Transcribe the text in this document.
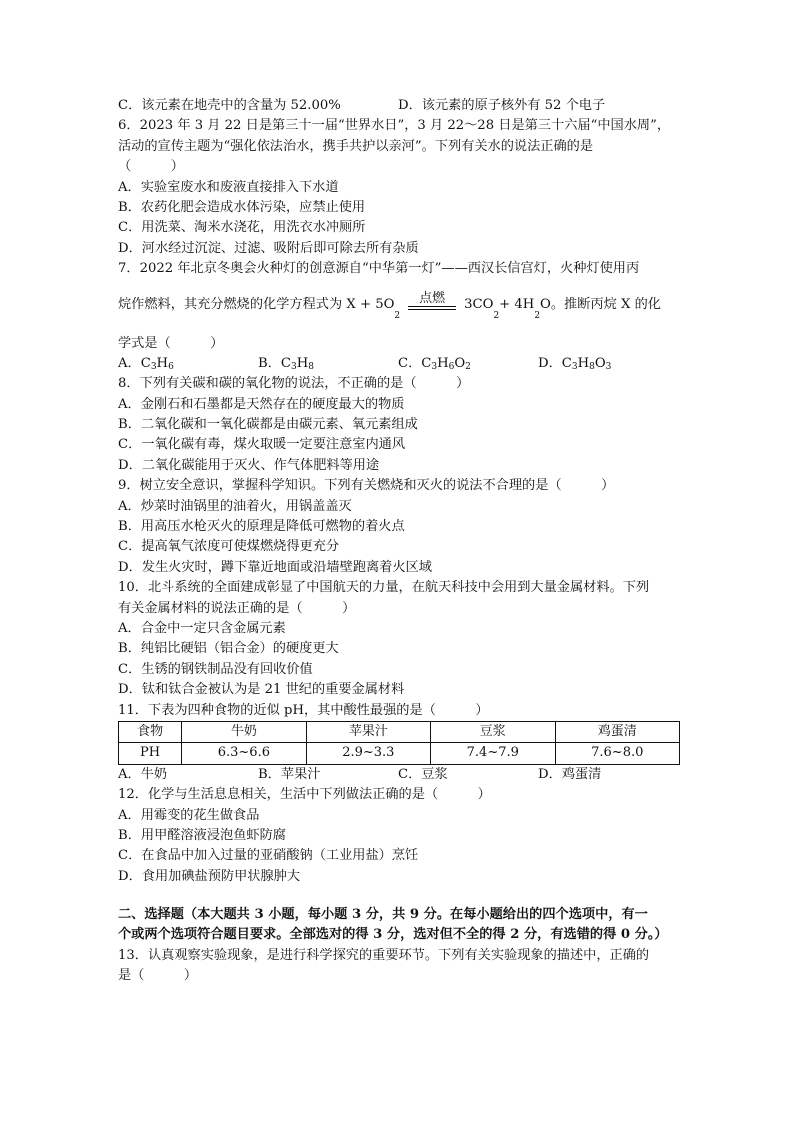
C．该元素在地壳中的含量为 52.00%	D．该元素的原子核外有 52 个电子
6．2023 年 3 月 22 日是第三十一届“世界水日”，3 月 22～28 日是第三十六届“中国水周”，
活动的宣传主题为“强化依法治水，携手共护以亲河”。下列有关水的说法正确的是
（　　　）
A．实验室废水和废液直接排入下水道
B．农药化肥会造成水体污染，应禁止使用
C．用洗菜、淘米水浇花，用洗衣水冲厕所
D．河水经过沉淀、过滤、吸附后即可除去所有杂质
7．2022 年北京冬奥会火种灯的创意源自“中华第一灯”——西汉长信宫灯，火种灯使用丙
烷作燃料，其充分燃烧的化学方程式为 X + 5O
2
点燃 3CO
2
+ 4H
2
O。推断丙烷 X 的化
学式是（　　　）
A．$C_3H_6$	B．$C_3H_8$	C．$C_3H_6O_2$	D．$C_3H_8O_3$
8．下列有关碳和碳的氧化物的说法，不正确的是（　　　）
A．金刚石和石墨都是天然存在的硬度最大的物质
B．二氧化碳和一氧化碳都是由碳元素、氧元素组成
C．一氧化碳有毒，煤火取暖一定要注意室内通风
D．二氧化碳能用于灭火、作气体肥料等用途
9．树立安全意识，掌握科学知识。下列有关燃烧和灭火的说法不合理的是（　　　）
A．炒菜时油锅里的油着火，用锅盖盖灭
B．用高压水枪灭火的原理是降低可燃物的着火点
C．提高氧气浓度可使煤燃烧得更充分
D．发生火灾时，蹲下靠近地面或沿墙壁跑离着火区域
10．北斗系统的全面建成彰显了中国航天的力量，在航天科技中会用到大量金属材料。下列
有关金属材料的说法正确的是（　　　）
A．合金中一定只含金属元素
B．纯铝比硬铝（铝合金）的硬度更大
C．生锈的钢铁制品没有回收价值
D．钛和钛合金被认为是 21 世纪的重要金属材料
11．下表为四种食物的近似 pH，其中酸性最强的是（　　　）
食物	牛奶	苹果汁	豆浆	鸡蛋清
PH	6.3~6.6	2.9~3.3	7.4~7.9	7.6~8.0
A．牛奶	B．苹果汁	C．豆浆	D．鸡蛋清
12．化学与生活息息相关，生活中下列做法正确的是（　　　）
A．用霉变的花生做食品
B．用甲醛溶液浸泡鱼虾防腐
C．在食品中加入过量的亚硝酸钠（工业用盐）烹饪
D．食用加碘盐预防甲状腺肿大
二、选择题（本大题共 3 小题，每小题 3 分，共 9 分。在每小题给出的四个选项中，有一
个或两个选项符合题目要求。全部选对的得 3 分，选对但不全的得 2 分，有选错的得 0 分。）
13．认真观察实验现象，是进行科学探究的重要环节。下列有关实验现象的描述中，正确的
是（　　　）
